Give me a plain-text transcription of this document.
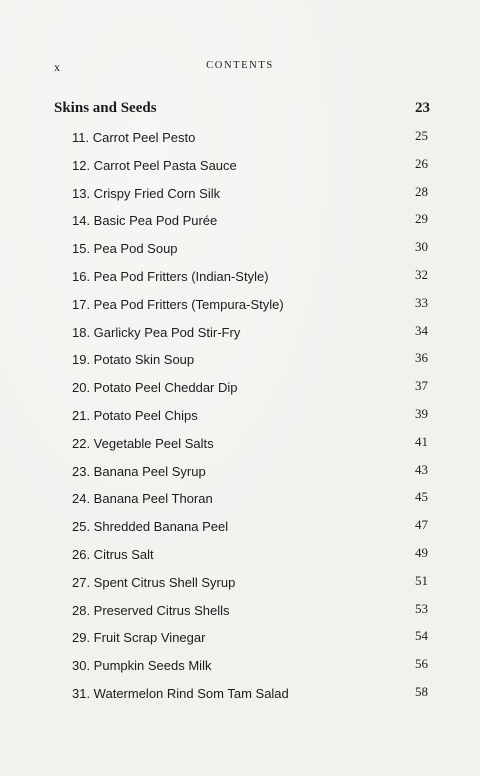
x	CONTENTS
Skins and Seeds	23
11. Carrot Peel Pesto	25
12. Carrot Peel Pasta Sauce	26
13. Crispy Fried Corn Silk	28
14. Basic Pea Pod Purée	29
15. Pea Pod Soup	30
16. Pea Pod Fritters (Indian-Style)	32
17. Pea Pod Fritters (Tempura-Style)	33
18. Garlicky Pea Pod Stir-Fry	34
19. Potato Skin Soup	36
20. Potato Peel Cheddar Dip	37
21. Potato Peel Chips	39
22. Vegetable Peel Salts	41
23. Banana Peel Syrup	43
24. Banana Peel Thoran	45
25. Shredded Banana Peel	47
26. Citrus Salt	49
27. Spent Citrus Shell Syrup	51
28. Preserved Citrus Shells	53
29. Fruit Scrap Vinegar	54
30. Pumpkin Seeds Milk	56
31. Watermelon Rind Som Tam Salad	58
